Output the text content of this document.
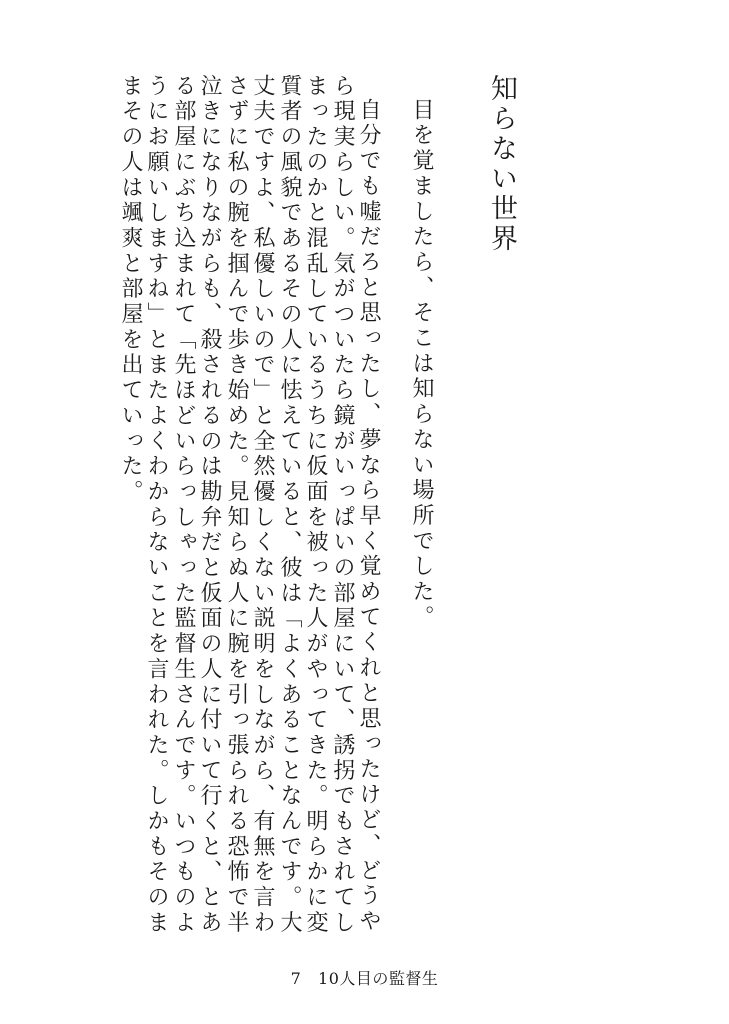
知らない世界
目を覚ましたら、そこは知らない場所でした。
自分でも嘘だろと思ったし、夢なら早く覚めてくれと思ったけど、どうや
ら現実らしい。気がついたら鏡がいっぱいの部屋にいて、誘拐でもされてし
まったのかと混乱しているうちに仮面を被った人がやってきた。明らかに変
質者の風貌であるその人に怯えていると、彼は「よくあることなんです。大
丈夫ですよ、私優しいので」と全然優しくない説明をしながら、有無を言わ
さずに私の腕を掴んで歩き始めた。見知らぬ人に腕を引っ張られる恐怖で半
泣きになりながらも、殺されるのは勘弁だと仮面の人に付いて行くと、とあ
る部屋にぶち込まれて「先ほどいらっしゃった監督生さんです。いつものよ
うにお願いしますね」とまたよくわからないことを言われた。しかもそのま
まその人は颯爽と部屋を出ていった。
7 10人目の監督生
